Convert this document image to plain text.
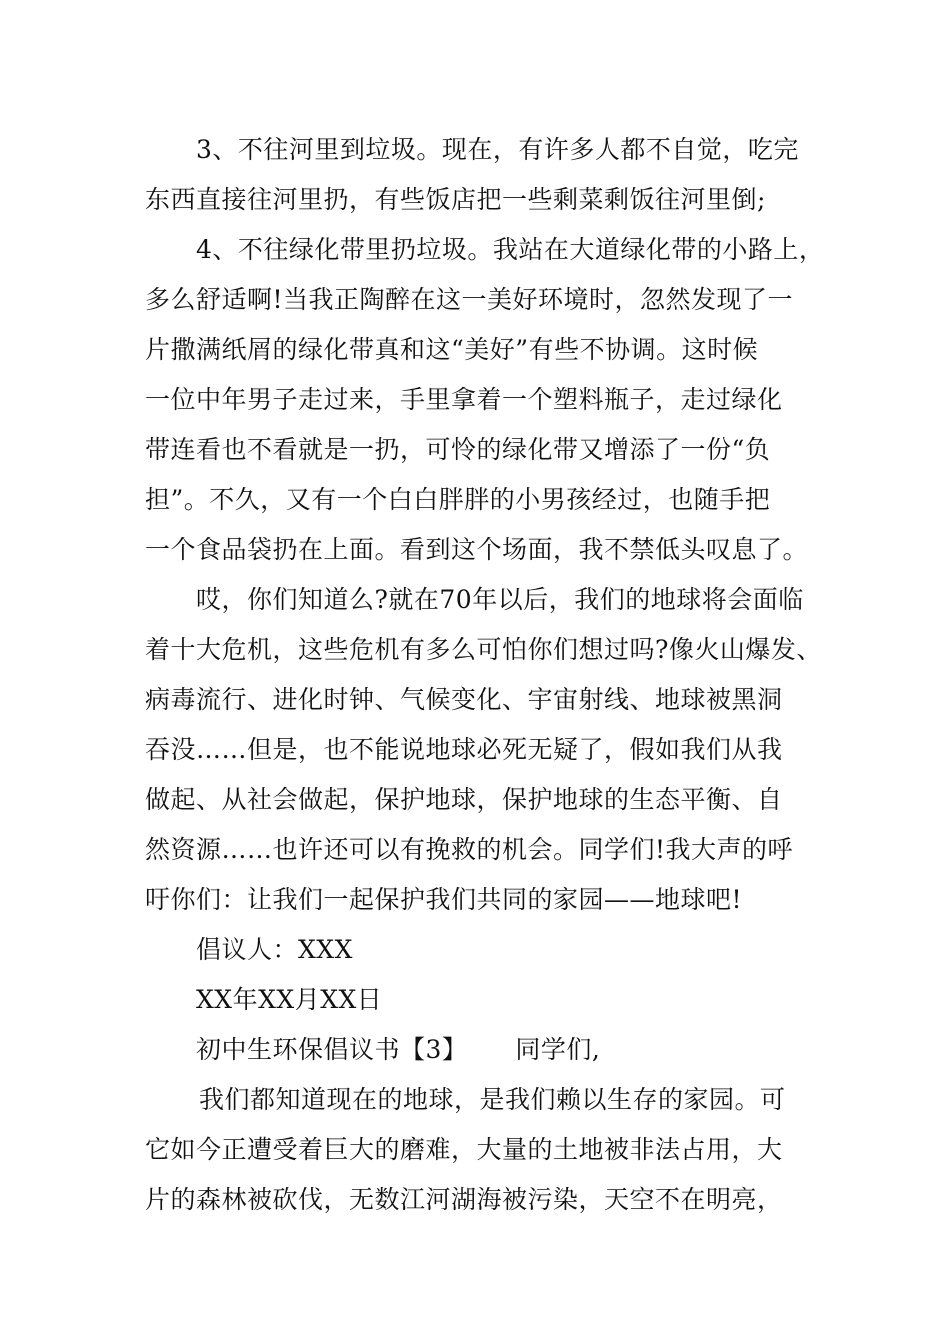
3、不往河里到垃圾。现在，有许多人都不自觉，吃完
东西直接往河里扔，有些饭店把一些剩菜剩饭往河里倒;
4、不往绿化带里扔垃圾。我站在大道绿化带的小路上，
多么舒适啊!当我正陶醉在这一美好环境时，忽然发现了一
片撒满纸屑的绿化带真和这“美好”有些不协调。这时候
一位中年男子走过来，手里拿着一个塑料瓶子，走过绿化
带连看也不看就是一扔，可怜的绿化带又增添了一份“负
担”。不久，又有一个白白胖胖的小男孩经过，也随手把
一个食品袋扔在上面。看到这个场面，我不禁低头叹息了。
哎，你们知道么?就在70年以后，我们的地球将会面临
着十大危机，这些危机有多么可怕你们想过吗?像火山爆发、
病毒流行、进化时钟、气候变化、宇宙射线、地球被黑洞
吞没……但是，也不能说地球必死无疑了，假如我们从我
做起、从社会做起，保护地球，保护地球的生态平衡、自
然资源……也许还可以有挽救的机会。同学们!我大声的呼
吁你们：让我们一起保护我们共同的家园——地球吧!
倡议人：XXX
XX年XX月XX日
初中生环保倡议书【3】 同学们,
我们都知道现在的地球，是我们赖以生存的家园。可
它如今正遭受着巨大的磨难，大量的土地被非法占用，大
片的森林被砍伐，无数江河湖海被污染，天空不在明亮，
